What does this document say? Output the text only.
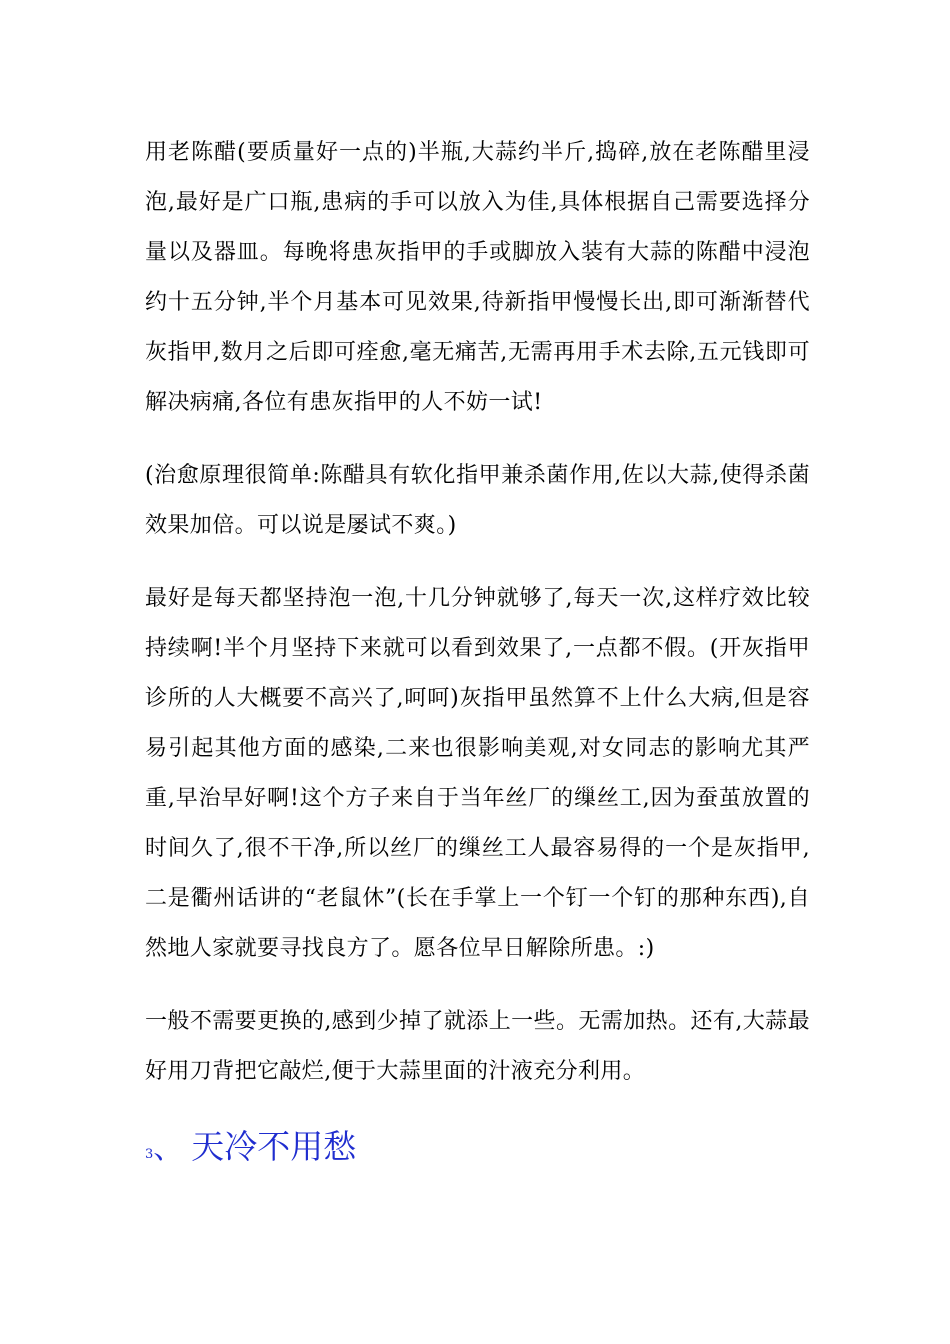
用老陈醋(要质量好一点的)半瓶,大蒜约半斤,捣碎,放在老陈醋里浸泡,最好是广口瓶,患病的手可以放入为佳,具体根据自己需要选择分量以及器皿。每晚将患灰指甲的手或脚放入装有大蒜的陈醋中浸泡约十五分钟,半个月基本可见效果,待新指甲慢慢长出,即可渐渐替代灰指甲,数月之后即可痊愈,毫无痛苦,无需再用手术去除,五元钱即可解决病痛,各位有患灰指甲的人不妨一试!

(治愈原理很简单:陈醋具有软化指甲兼杀菌作用,佐以大蒜,使得杀菌效果加倍。可以说是屡试不爽。)

最好是每天都坚持泡一泡,十几分钟就够了,每天一次,这样疗效比较持续啊!半个月坚持下来就可以看到效果了,一点都不假。(开灰指甲诊所的人大概要不高兴了,呵呵)灰指甲虽然算不上什么大病,但是容易引起其他方面的感染,二来也很影响美观,对女同志的影响尤其严重,早治早好啊!这个方子来自于当年丝厂的缫丝工,因为蚕茧放置的时间久了,很不干净,所以丝厂的缫丝工人最容易得的一个是灰指甲,二是衢州话讲的“老鼠休”(长在手掌上一个钉一个钉的那种东西),自然地人家就要寻找良方了。愿各位早日解除所患。:)

一般不需要更换的,感到少掉了就添上一些。无需加热。还有,大蒜最好用刀背把它敲烂,便于大蒜里面的汁液充分利用。

3、 天冷不用愁
